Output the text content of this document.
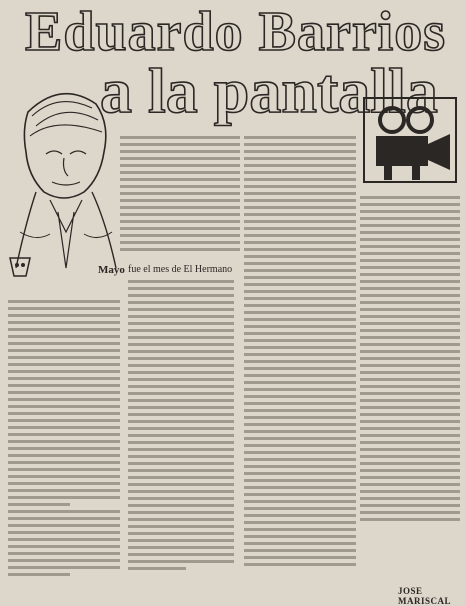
Eduardo Barrios
a la pantalla
Mayo fue el mes de El Hermano
JOSE MARISCAL
